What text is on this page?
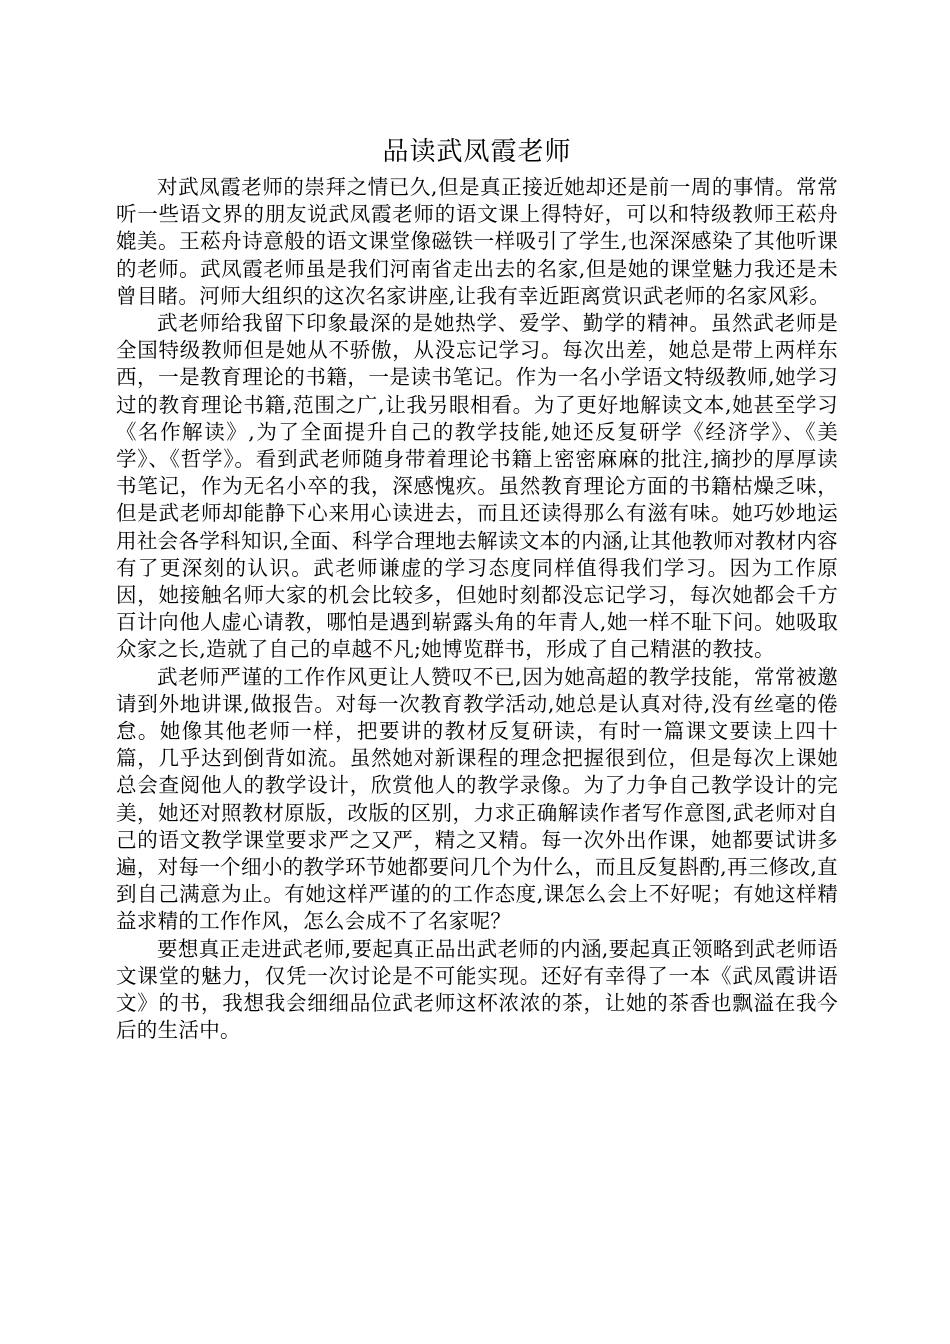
品读武凤霞老师

对武凤霞老师的崇拜之情已久,但是真正接近她却还是前一周的事情。常常听一些语文界的朋友说武凤霞老师的语文课上得特好，可以和特级教师王菘舟媲美。王菘舟诗意般的语文课堂像磁铁一样吸引了学生,也深深感染了其他听课的老师。武凤霞老师虽是我们河南省走出去的名家,但是她的课堂魅力我还是未曾目睹。河师大组织的这次名家讲座,让我有幸近距离赏识武老师的名家风彩。

武老师给我留下印象最深的是她热学、爱学、勤学的精神。虽然武老师是全国特级教师但是她从不骄傲，从没忘记学习。每次出差，她总是带上两样东西，一是教育理论的书籍，一是读书笔记。作为一名小学语文特级教师,她学习过的教育理论书籍,范围之广,让我另眼相看。为了更好地解读文本,她甚至学习《名作解读》,为了全面提升自己的教学技能,她还反复研学《经济学》、《美学》、《哲学》。看到武老师随身带着理论书籍上密密麻麻的批注,摘抄的厚厚读书笔记，作为无名小卒的我，深感愧疚。虽然教育理论方面的书籍枯燥乏味，但是武老师却能静下心来用心读进去，而且还读得那么有滋有味。她巧妙地运用社会各学科知识,全面、科学合理地去解读文本的内涵,让其他教师对教材内容有了更深刻的认识。武老师谦虚的学习态度同样值得我们学习。因为工作原因，她接触名师大家的机会比较多，但她时刻都没忘记学习，每次她都会千方百计向他人虚心请教，哪怕是遇到崭露头角的年青人,她一样不耻下问。她吸取众家之长,造就了自己的卓越不凡;她博览群书，形成了自己精湛的教技。

武老师严谨的工作作风更让人赞叹不已,因为她高超的教学技能，常常被邀请到外地讲课,做报告。对每一次教育教学活动,她总是认真对待,没有丝毫的倦怠。她像其他老师一样，把要讲的教材反复研读，有时一篇课文要读上四十篇，几乎达到倒背如流。虽然她对新课程的理念把握很到位，但是每次上课她总会查阅他人的教学设计，欣赏他人的教学录像。为了力争自己教学设计的完美，她还对照教材原版，改版的区别，力求正确解读作者写作意图,武老师对自己的语文教学课堂要求严之又严，精之又精。每一次外出作课，她都要试讲多遍，对每一个细小的教学环节她都要问几个为什么，而且反复斟酌,再三修改,直到自己满意为止。有她这样严谨的的工作态度,课怎么会上不好呢；有她这样精益求精的工作作风，怎么会成不了名家呢？

要想真正走进武老师,要起真正品出武老师的内涵,要起真正领略到武老师语文课堂的魅力，仅凭一次讨论是不可能实现。还好有幸得了一本《武凤霞讲语文》的书，我想我会细细品位武老师这杯浓浓的茶，让她的茶香也飘溢在我今后的生活中。
